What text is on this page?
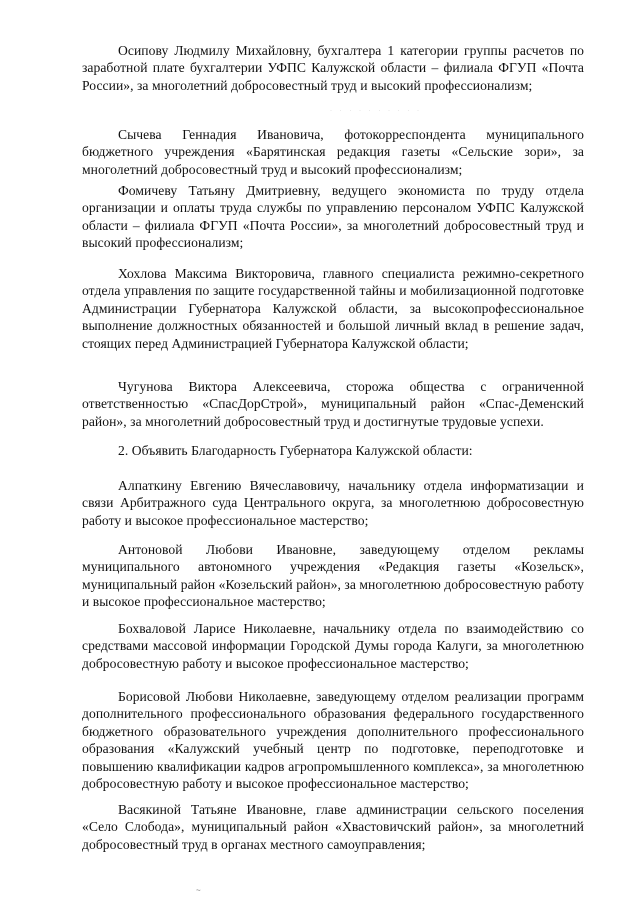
Осипову Людмилу Михайловну, бухгалтера 1 категории группы расчетов по заработной плате бухгалтерии УФПС Калужской области – филиала ФГУП «Почта России», за многолетний добросовестный труд и высокий профессионализм;

· · · · · · · · · ·

Сычева Геннадия Ивановича, фотокорреспондента муниципального бюджетного учреждения «Барятинская редакция газеты «Сельские зори», за многолетний добросовестный труд и высокий профессионализм;

Фомичеву Татьяну Дмитриевну, ведущего экономиста по труду отдела организации и оплаты труда службы по управлению персоналом УФПС Калужской области – филиала ФГУП «Почта России», за многолетний добросовестный труд и высокий профессионализм;

Хохлова Максима Викторовича, главного специалиста режимно-секретного отдела управления по защите государственной тайны и мобилизационной подготовке Администрации Губернатора Калужской области, за высокопрофессиональное выполнение должностных обязанностей и большой личный вклад в решение задач, стоящих перед Администрацией Губернатора Калужской области;

Чугунова Виктора Алексеевича, сторожа общества с ограниченной ответственностью «СпасДорСтрой», муниципальный район «Спас-Деменский район», за многолетний добросовестный труд и достигнутые трудовые успехи.

2. Объявить Благодарность Губернатора Калужской области:

Алпаткину Евгению Вячеславовичу, начальнику отдела информатизации и связи Арбитражного суда Центрального округа, за многолетнюю добросовестную работу и высокое профессиональное мастерство;

Антоновой Любови Ивановне, заведующему отделом рекламы муниципального автономного учреждения «Редакция газеты «Козельск», муниципальный район «Козельский район», за многолетнюю добросовестную работу и высокое профессиональное мастерство;

Бохваловой Ларисе Николаевне, начальнику отдела по взаимодействию со средствами массовой информации Городской Думы города Калуги, за многолетнюю добросовестную работу и высокое профессиональное мастерство;

Борисовой Любови Николаевне, заведующему отделом реализации программ дополнительного профессионального образования федерального государственного бюджетного образовательного учреждения дополнительного профессионального образования «Калужский учебный центр по подготовке, переподготовке и повышению квалификации кадров агропромышленного комплекса», за многолетнюю добросовестную работу и высокое профессиональное мастерство;

Васякиной Татьяне Ивановне, главе администрации сельского поселения «Село Слобода», муниципальный район «Хвастовичский район», за многолетний добросовестный труд в органах местного самоуправления;

~
